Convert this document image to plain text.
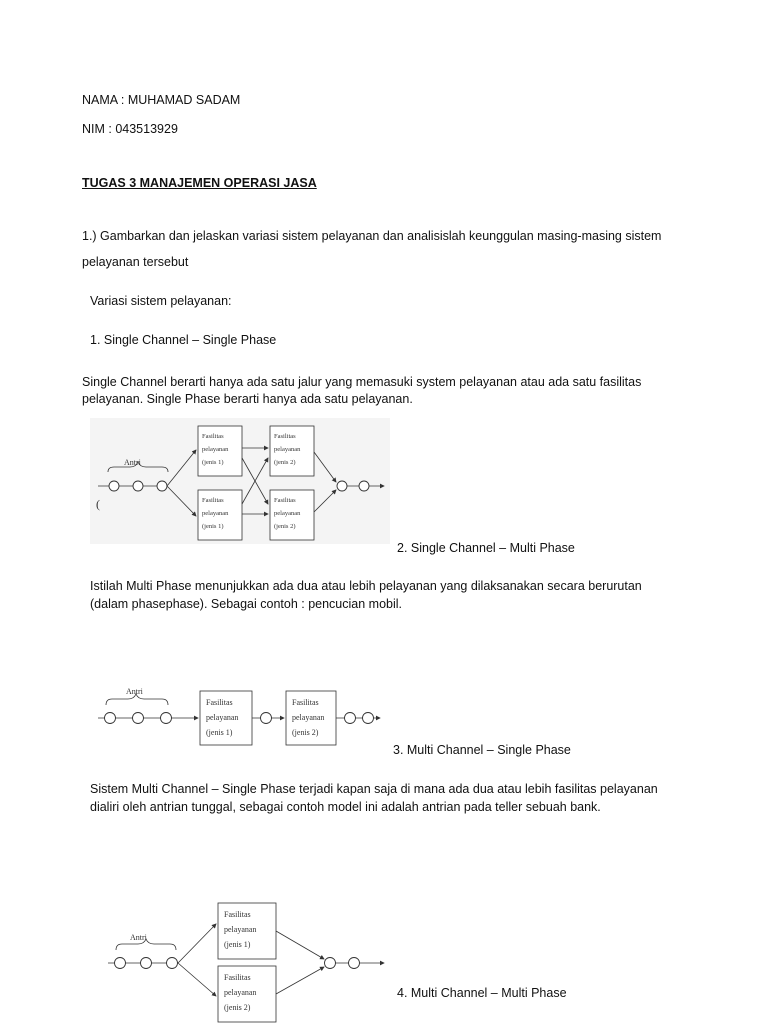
NAMA : MUHAMAD SADAM
NIM : 043513929
TUGAS 3 MANAJEMEN OPERASI JASA
1.) Gambarkan dan jelaskan variasi sistem pelayanan dan analisislah keunggulan masing-masing sistem
pelayanan tersebut
Variasi sistem pelayanan:
1. Single Channel – Single Phase
Single Channel berarti hanya ada satu jalur yang memasuki system pelayanan atau ada satu fasilitas
pelayanan. Single Phase berarti hanya ada satu pelayanan.
Antri
(
Fasilitas
pelayanan
(jenis 1)
Fasilitas
pelayanan
(jenis 1)
Fasilitas
pelayanan
(jenis 2)
Fasilitas
pelayanan
(jenis 2)
2. Single Channel – Multi Phase
Istilah Multi Phase menunjukkan ada dua atau lebih pelayanan yang dilaksanakan secara berurutan
(dalam phasephase). Sebagai contoh : pencucian mobil.
Antri
Fasilitas
pelayanan
(jenis 1)
Fasilitas
pelayanan
(jenis 2)
3. Multi Channel – Single Phase
Sistem Multi Channel – Single Phase terjadi kapan saja di mana ada dua atau lebih fasilitas pelayanan
dialiri oleh antrian tunggal, sebagai contoh model ini adalah antrian pada teller sebuah bank.
Antri
Fasilitas
pelayanan
(jenis 1)
Fasilitas
pelayanan
(jenis 2)
4. Multi Channel – Multi Phase
